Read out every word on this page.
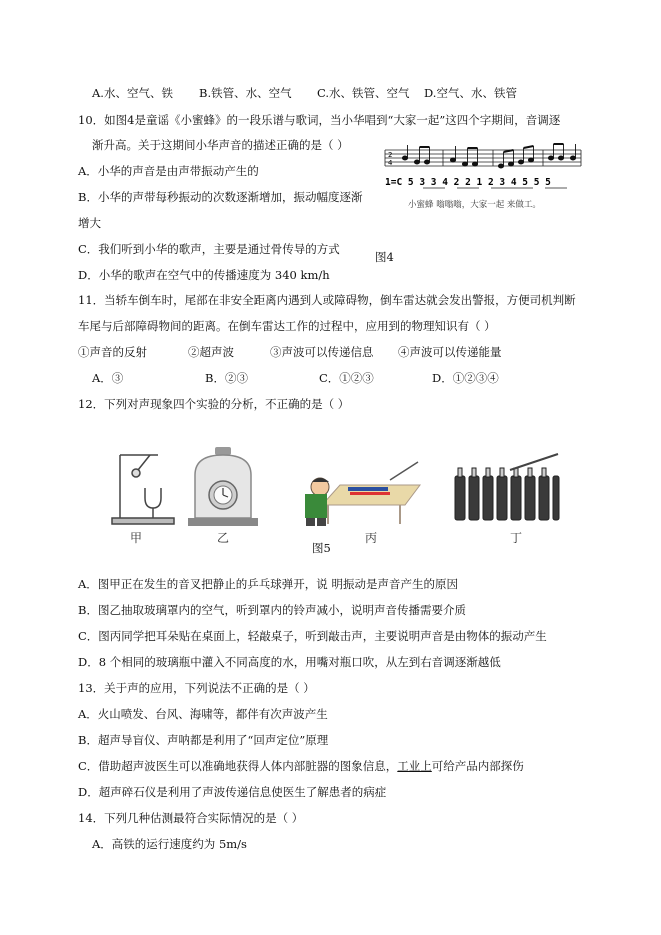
A.水、空气、铁 B.铁管、水、空气 C.水、铁管、空气 D.空气、水、铁管
10．如图4是童谣《小蜜蜂》的一段乐谱与歌词，当小华唱到“大家一起”这四个字期间，音调逐
渐升高。关于这期间小华声音的描述正确的是（ ）
A．小华的声音是由声带振动产生的
B．小华的声带每秒振动的次数逐渐增加，振动幅度逐渐
增大
C．我们听到小华的歌声，主要是通过骨传导的方式
D．小华的歌声在空气中的传播速度为 340 km/h
2
4
1=C 5 3 3 4 2 2 1 2 3 4 5 5 5
小蜜蜂 嗡嗡嗡，大家一起 来做工。
图4
11．当轿车倒车时，尾部在非安全距离内遇到人或障碍物，倒车雷达就会发出警报，方便司机判断
车尾与后部障碍物间的距离。在倒车雷达工作的过程中，应用到的物理知识有（ ）
①声音的反射	②超声波	③声波可以传递信息 ④声波可以传递能量
A．③	B．②③	C．①②③	D．①②③④
12．下列对声现象四个实验的分析，不正确的是（ ）
甲	乙	丙	丁
图5
A．图甲正在发生的音叉把静止的乒乓球弹开，说 明振动是声音产生的原因
B．图乙抽取玻璃罩内的空气，听到罩内的铃声减小，说明声音传播需要介质
C．图丙同学把耳朵贴在桌面上，轻敲桌子，听到敲击声，主要说明声音是由物体的振动产生
D．8 个相同的玻璃瓶中灌入不同高度的水，用嘴对瓶口吹，从左到右音调逐渐越低
13．关于声的应用，下列说法不正确的是（ ）
A．火山喷发、台风、海啸等，都伴有次声波产生
B．超声导盲仪、声呐都是利用了“回声定位”原理
C．借助超声波医生可以准确地获得人体内部脏器的图象信息，工业上可给产品内部探伤
D．超声碎石仪是利用了声波传递信息使医生了解患者的病症
14．下列几种估测最符合实际情况的是（ ）
A．高铁的运行速度约为 5m/s
